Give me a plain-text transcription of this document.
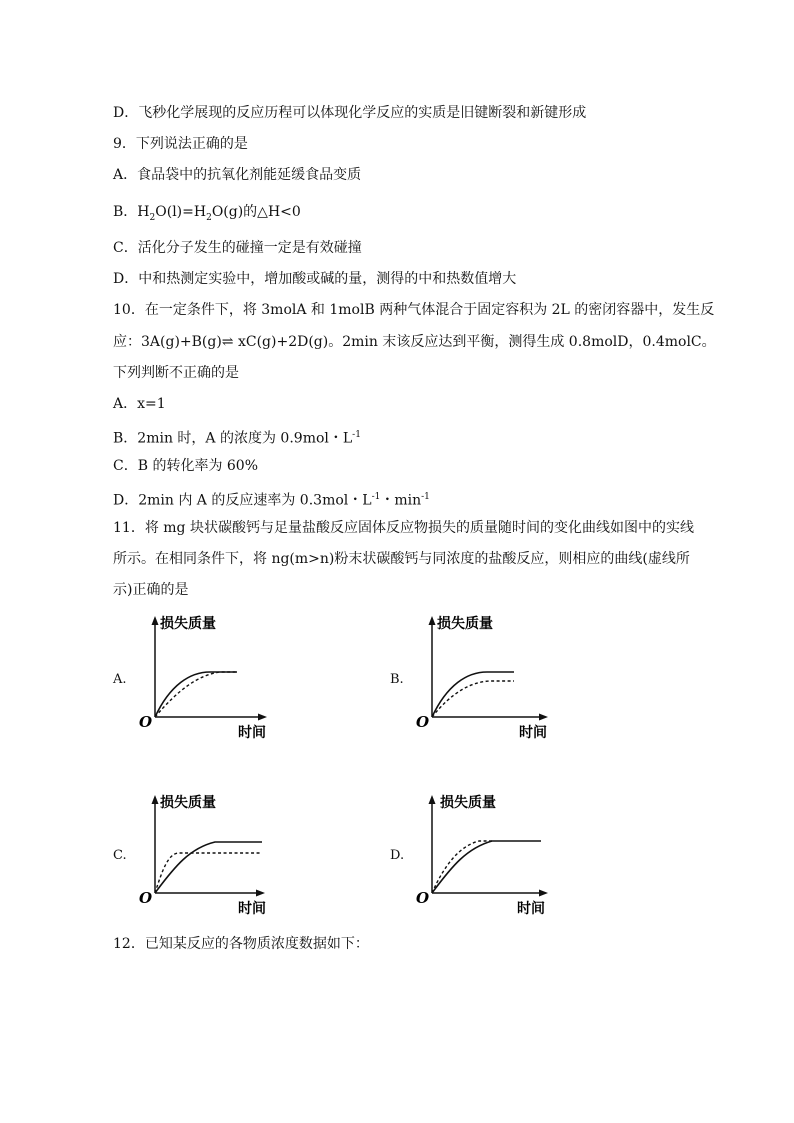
D．飞秒化学展现的反应历程可以体现化学反应的实质是旧键断裂和新键形成
9．下列说法正确的是
A．食品袋中的抗氧化剂能延缓食品变质
B．$H_2O(l)=H_2O(g)$的△H<0
C．活化分子发生的碰撞一定是有效碰撞
D．中和热测定实验中，增加酸或碱的量，测得的中和热数值增大
10．在一定条件下，将 3molA 和 1molB 两种气体混合于固定容积为 2L 的密闭容器中，发生反
应：3A(g)+B(g)⇌ xC(g)+2D(g)。2min 末该反应达到平衡，测得生成 0.8molD，0.4molC。
下列判断不正确的是
A．x=1
B．2min 时，A 的浓度为 0.9mol・$L^{-1}$
C．B 的转化率为 60%
D．2min 内 A 的反应速率为 0.3mol・$L^{-1}$・$\min^{-1}$
11．将 mg 块状碳酸钙与足量盐酸反应固体反应物损失的质量随时间的变化曲线如图中的实线
所示。在相同条件下，将 ng(m>n)粉末状碳酸钙与同浓度的盐酸反应，则相应的曲线(虚线所
示)正确的是
A.
损失质量
时间
O
B.
损失质量
时间
O
C.
损失质量
时间
O
D.
损失质量
时间
O
12．已知某反应的各物质浓度数据如下：
